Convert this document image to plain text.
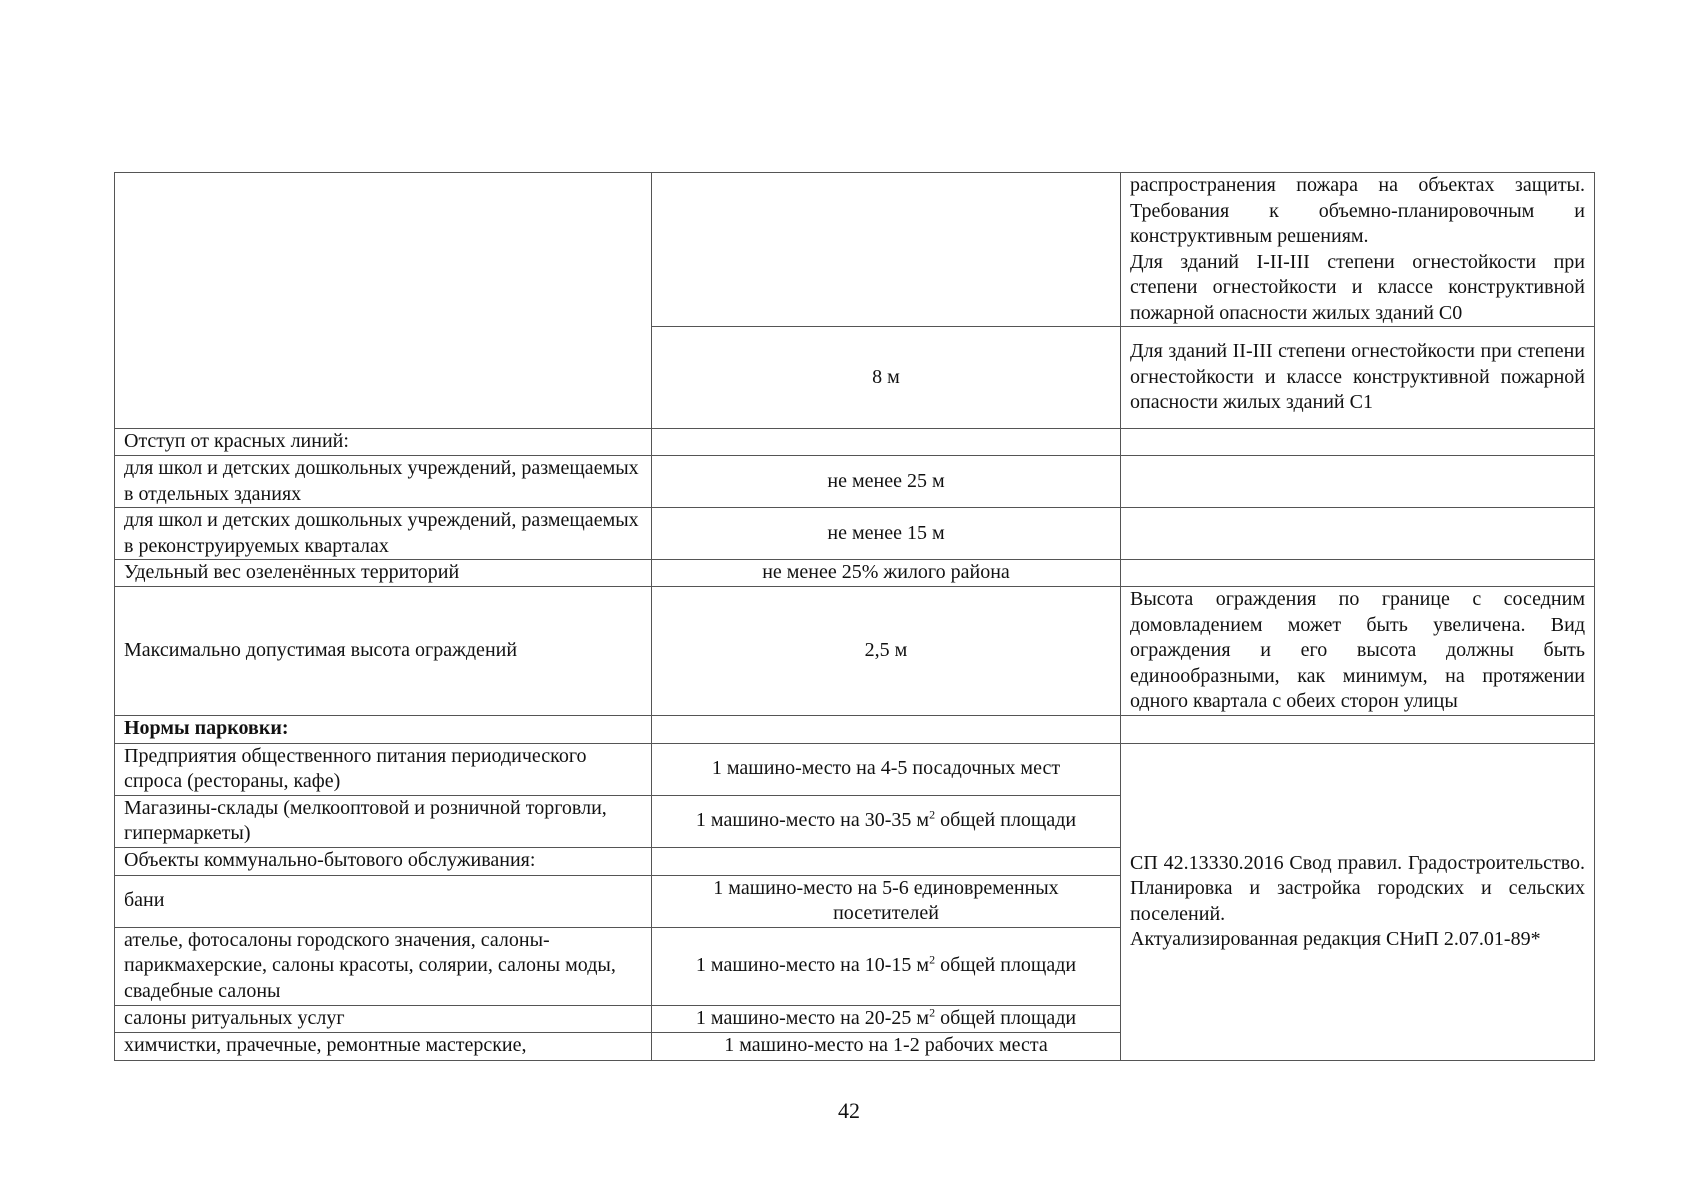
		распространения пожара на объектах защиты. Требования к объемно-планировочным и конструктивным решениям.
Для зданий I-II-III степени огнестойкости при степени огнестойкости и классе конструктивной пожарной опасности жилых зданий С0
	8 м	Для зданий II-III степени огнестойкости при степени огнестойкости и классе конструктивной пожарной опасности жилых зданий С1
Отступ от красных линий:		
для школ и детских дошкольных учреждений, размещаемых в отдельных зданиях	не менее 25 м	
для школ и детских дошкольных учреждений, размещаемых в реконструируемых кварталах	не менее 15 м	
Удельный вес озеленённых территорий	не менее 25% жилого района	
Максимально допустимая высота ограждений	2,5 м	Высота ограждения по границе с соседним домовладением может быть увеличена. Вид ограждения и его высота должны быть единообразными, как минимум, на протяжении одного квартала с обеих сторон улицы
Нормы парковки:		
Предприятия общественного питания периодического спроса (рестораны, кафе)	1 машино-место на 4-5 посадочных мест	СП 42.13330.2016 Свод правил. Градостроительство. Планировка и застройка городских и сельских поселений.
Актуализированная редакция СНиП 2.07.01-89*
Магазины-склады (мелкооптовой и розничной торговли, гипермаркеты)	1 машино-место на 30-35 $м^2$ общей площади	
Объекты коммунально-бытового обслуживания:		
бани	1 машино-место на 5-6 единовременных посетителей	
ателье, фотосалоны городского значения, салоны-парикмахерские, салоны красоты, солярии, салоны моды, свадебные салоны	1 машино-место на 10-15 $м^2$ общей площади	
салоны ритуальных услуг	1 машино-место на 20-25 $м^2$ общей площади	
химчистки, прачечные, ремонтные мастерские,	1 машино-место на 1-2 рабочих места	
42
